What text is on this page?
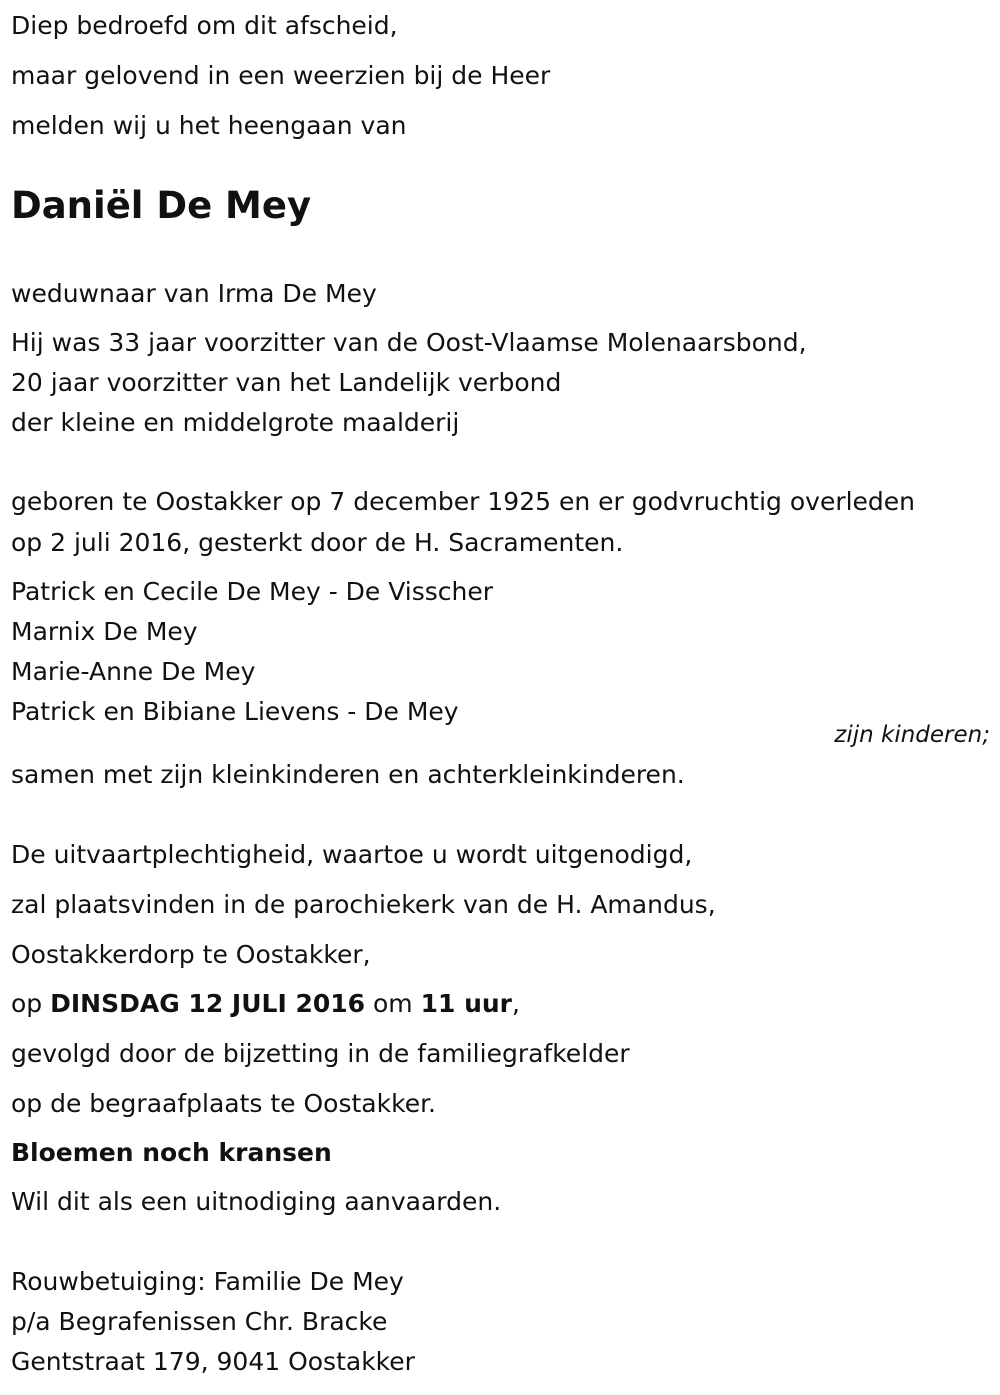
Diep bedroefd om dit afscheid,

maar gelovend in een weerzien bij de Heer

melden wij u het heengaan van

Daniël De Mey

weduwnaar van Irma De Mey

Hij was 33 jaar voorzitter van de Oost-Vlaamse Molenaarsbond,

20 jaar voorzitter van het Landelijk verbond

der kleine en middelgrote maalderij

geboren te Oostakker op 7 december 1925 en er godvruchtig overleden

op 2 juli 2016, gesterkt door de H. Sacramenten.

Patrick en Cecile De Mey - De Visscher

Marnix De Mey

Marie-Anne De Mey

Patrick en Bibiane Lievens - De Mey

zijn kinderen;

samen met zijn kleinkinderen en achterkleinkinderen.

De uitvaartplechtigheid, waartoe u wordt uitgenodigd,

zal plaatsvinden in de parochiekerk van de H. Amandus,

Oostakkerdorp te Oostakker,

op DINSDAG 12 JULI 2016 om 11 uur,

gevolgd door de bijzetting in de familiegrafkelder

op de begraafplaats te Oostakker.

Bloemen noch kransen

Wil dit als een uitnodiging aanvaarden.

Rouwbetuiging: Familie De Mey

p/a Begrafenissen Chr. Bracke

Gentstraat 179, 9041 Oostakker
